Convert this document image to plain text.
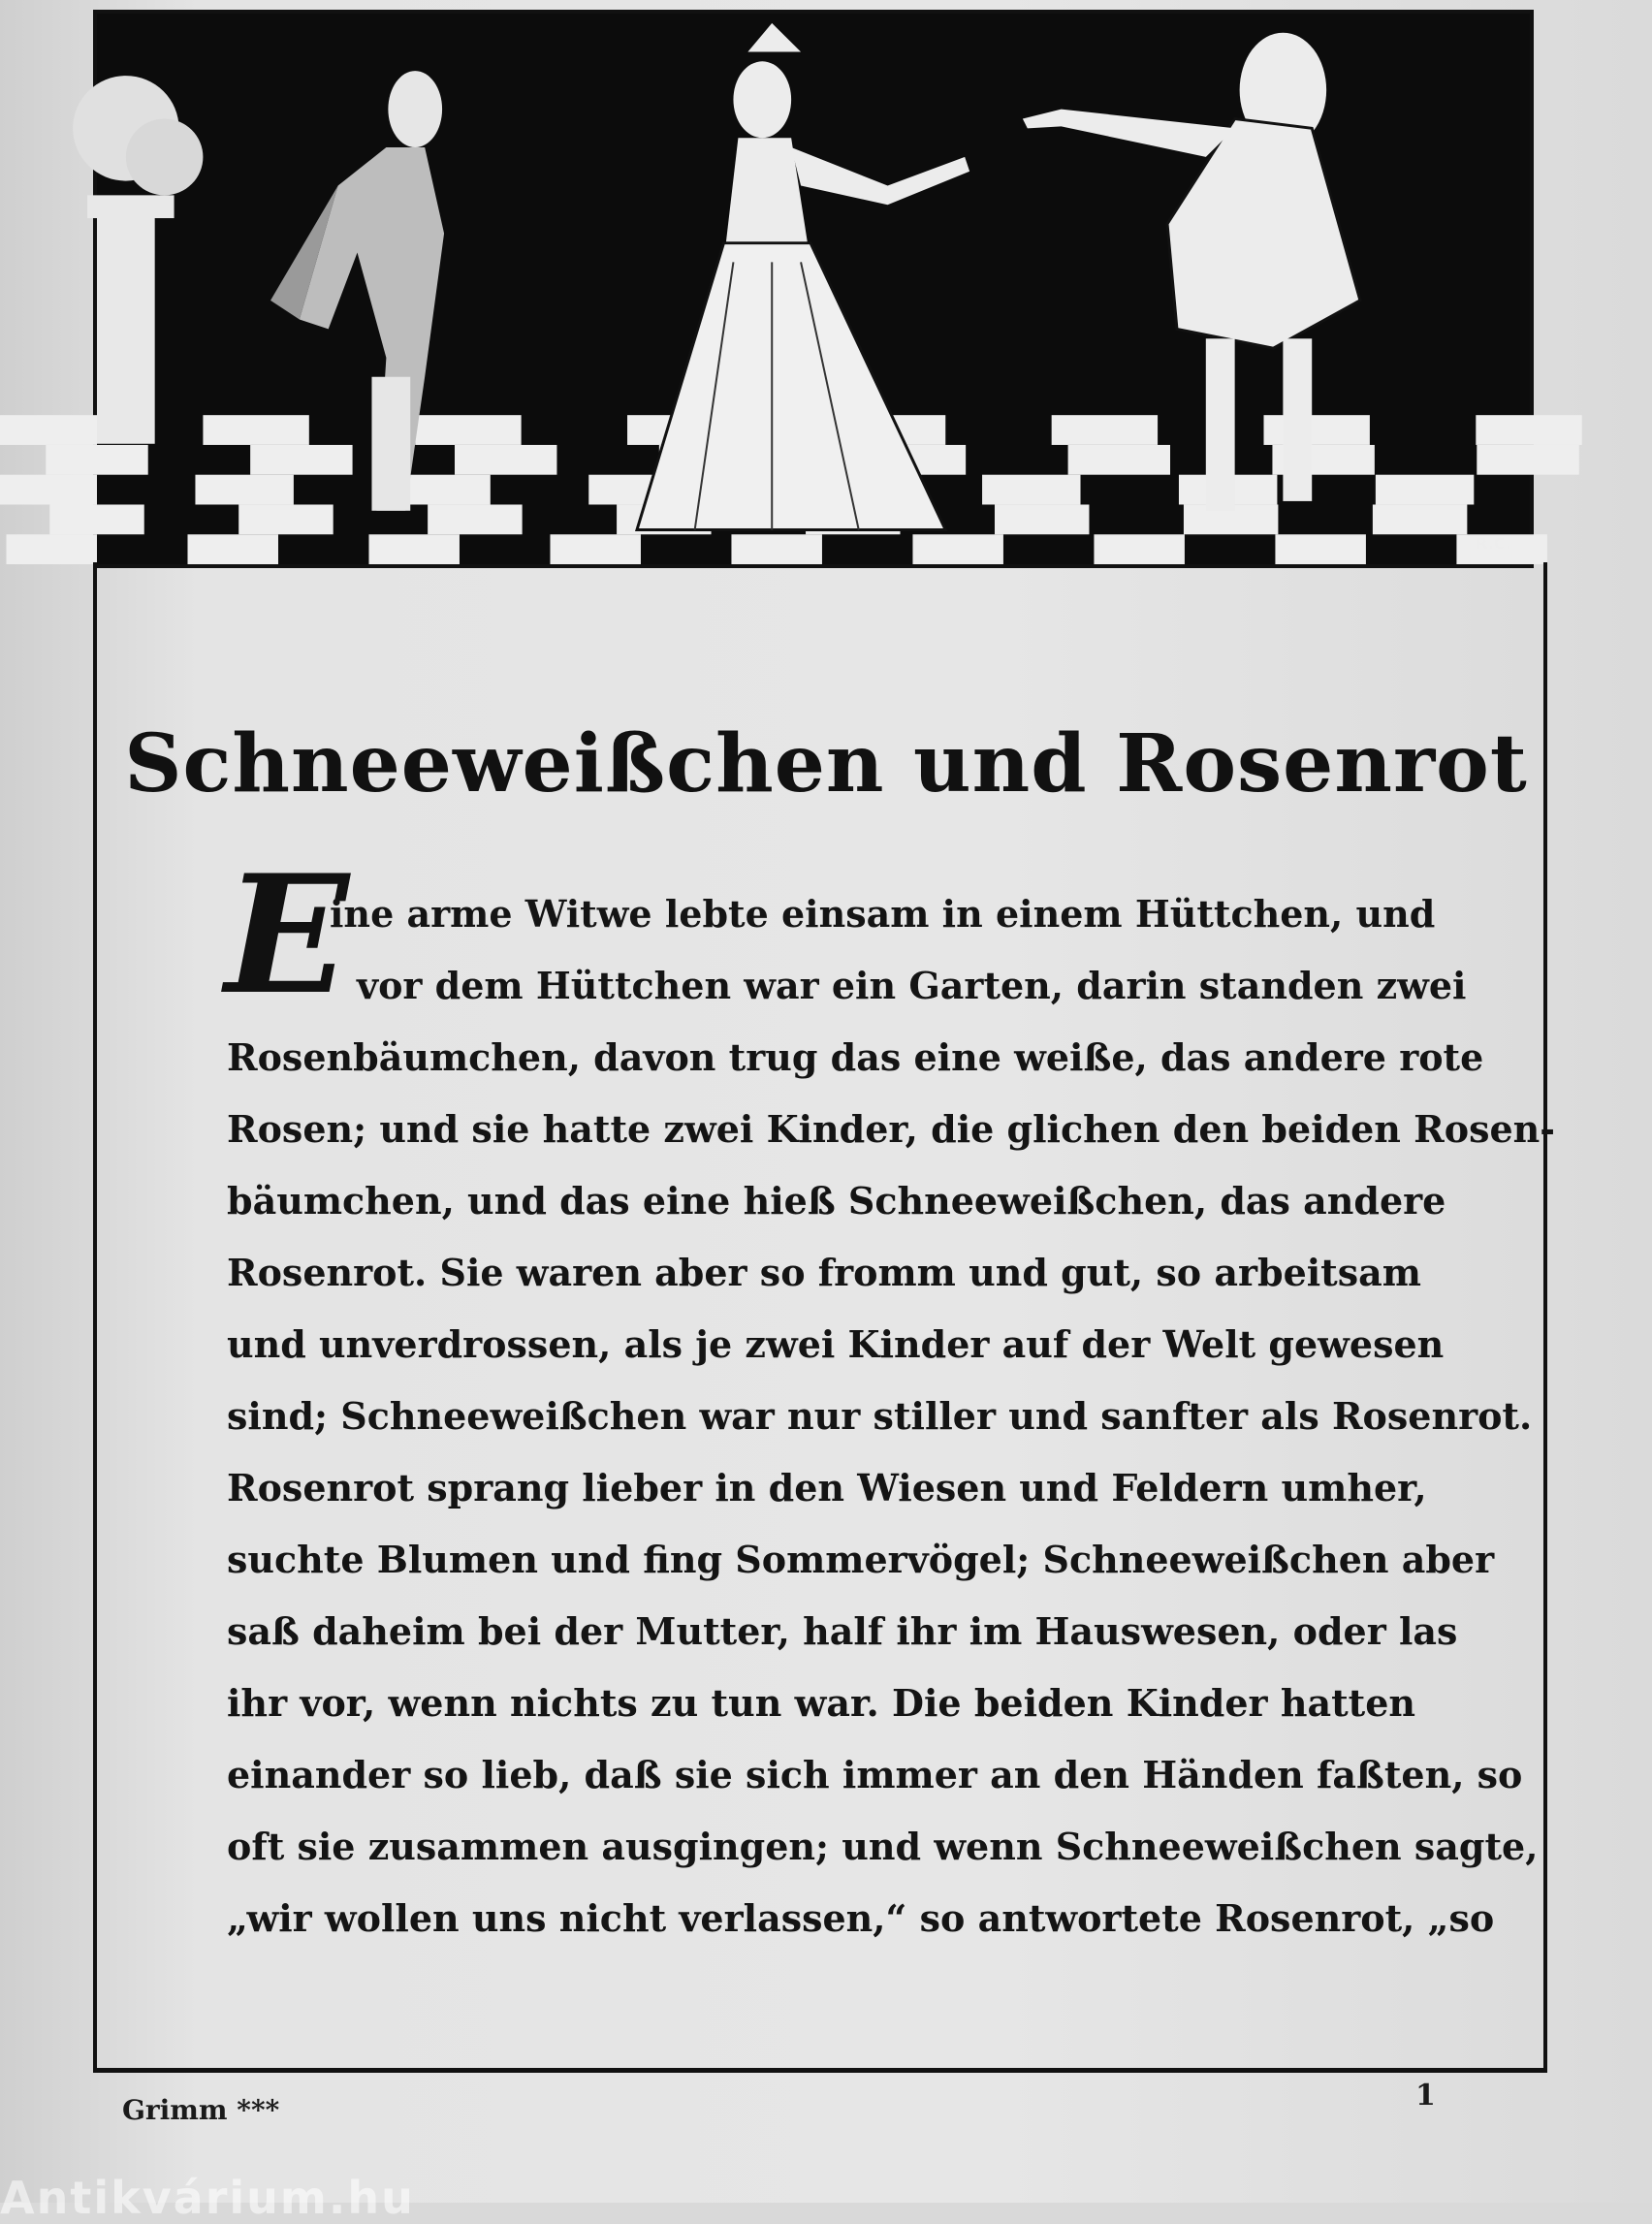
R.C.
Schneeweißchen und Rosenrot
E
ine arme Witwe lebte einsam in einem Hüttchen, und
vor dem Hüttchen war ein Garten, darin standen zwei
Rosenbäumchen, davon trug das eine weiße, das andere rote
Rosen; und sie hatte zwei Kinder, die glichen den beiden Rosen-
bäumchen, und das eine hieß Schneeweißchen, das andere
Rosenrot. Sie waren aber so fromm und gut, so arbeitsam
und unverdrossen, als je zwei Kinder auf der Welt gewesen
sind; Schneeweißchen war nur stiller und sanfter als Rosenrot.
Rosenrot sprang lieber in den Wiesen und Feldern umher,
suchte Blumen und fing Sommervögel; Schneeweißchen aber
saß daheim bei der Mutter, half ihr im Hauswesen, oder las
ihr vor, wenn nichts zu tun war. Die beiden Kinder hatten
einander so lieb, daß sie sich immer an den Händen faßten, so
oft sie zusammen ausgingen; und wenn Schneeweißchen sagte,
„wir wollen uns nicht verlassen,“ so antwortete Rosenrot, „so
Grimm ***	1
Antikvárium.hu
